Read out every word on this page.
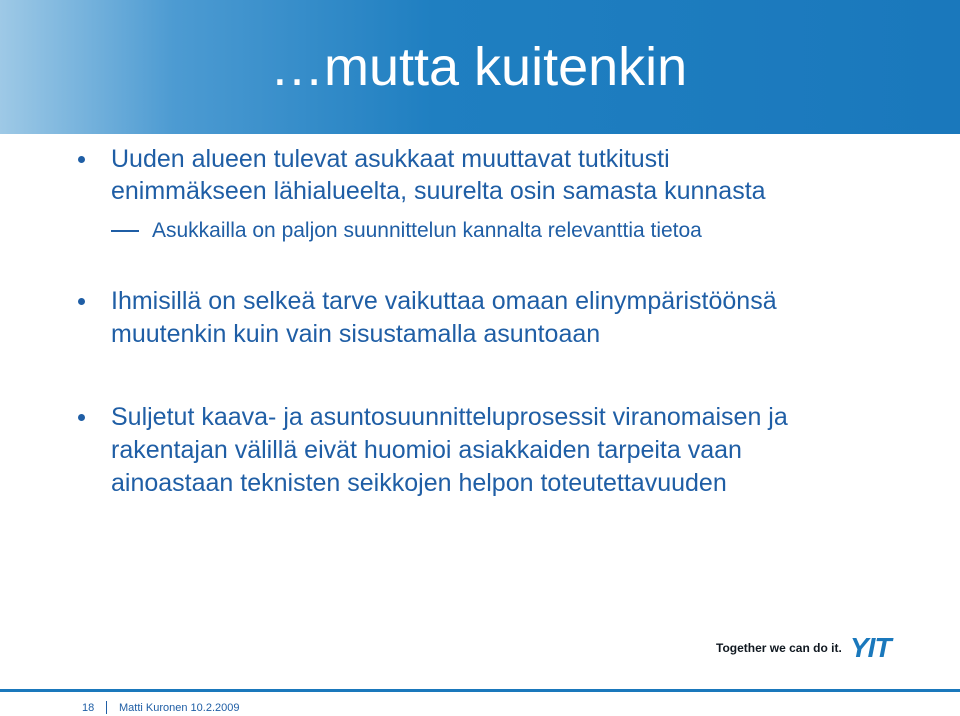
…mutta kuitenkin
Uuden alueen tulevat asukkaat muuttavat tutkitusti
enimmäkseen lähialueelta, suurelta osin samasta kunnasta
Asukkailla on paljon suunnittelun kannalta relevanttia tietoa
Ihmisillä on selkeä tarve vaikuttaa omaan elinympäristöönsä
muutenkin kuin vain sisustamalla asuntoaan
Suljetut kaava- ja asuntosuunnitteluprosessit viranomaisen ja
rakentajan välillä eivät huomioi asiakkaiden tarpeita vaan
ainoastaan teknisten seikkojen helpon toteutettavuuden
Together we can do it. YIT
18 Matti Kuronen 10.2.2009
